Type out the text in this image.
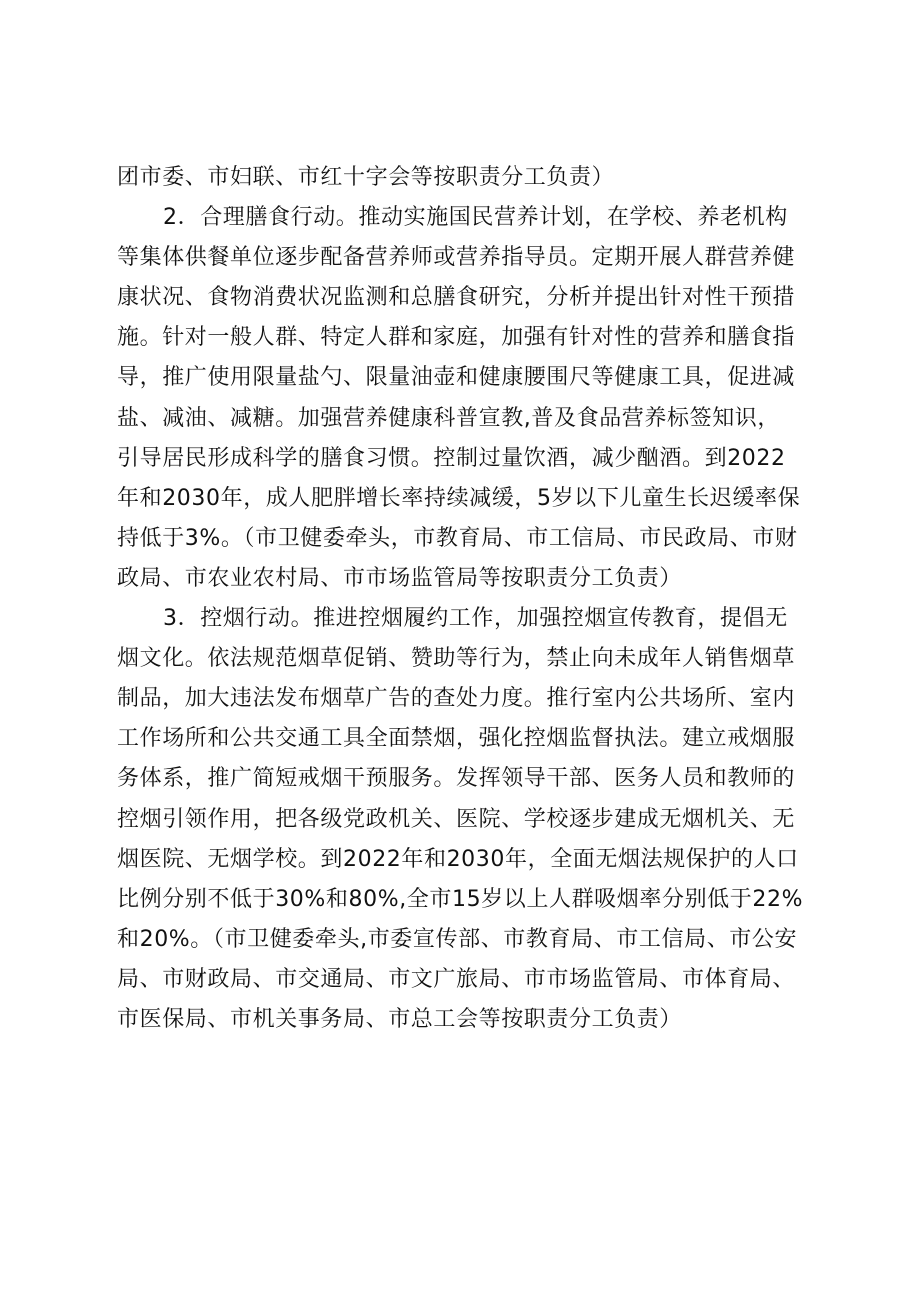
团市委、市妇联、市红十字会等按职责分工负责）
2．合理膳食行动。推动实施国民营养计划，在学校、养老机构
等集体供餐单位逐步配备营养师或营养指导员。定期开展人群营养健
康状况、食物消费状况监测和总膳食研究，分析并提出针对性干预措
施。针对一般人群、特定人群和家庭，加强有针对性的营养和膳食指
导，推广使用限量盐勺、限量油壶和健康腰围尺等健康工具，促进减
盐、减油、减糖。加强营养健康科普宣教,普及食品营养标签知识，
引导居民形成科学的膳食习惯。控制过量饮酒，减少酗酒。到2022
年和2030年，成人肥胖增长率持续减缓，5岁以下儿童生长迟缓率保
持低于3%。（市卫健委牵头，市教育局、市工信局、市民政局、市财
政局、市农业农村局、市市场监管局等按职责分工负责）
3．控烟行动。推进控烟履约工作，加强控烟宣传教育，提倡无
烟文化。依法规范烟草促销、赞助等行为，禁止向未成年人销售烟草
制品，加大违法发布烟草广告的查处力度。推行室内公共场所、室内
工作场所和公共交通工具全面禁烟，强化控烟监督执法。建立戒烟服
务体系，推广简短戒烟干预服务。发挥领导干部、医务人员和教师的
控烟引领作用，把各级党政机关、医院、学校逐步建成无烟机关、无
烟医院、无烟学校。到2022年和2030年，全面无烟法规保护的人口
比例分别不低于30%和80%,全市15岁以上人群吸烟率分别低于22%
和20%。（市卫健委牵头,市委宣传部、市教育局、市工信局、市公安
局、市财政局、市交通局、市文广旅局、市市场监管局、市体育局、
市医保局、市机关事务局、市总工会等按职责分工负责）
